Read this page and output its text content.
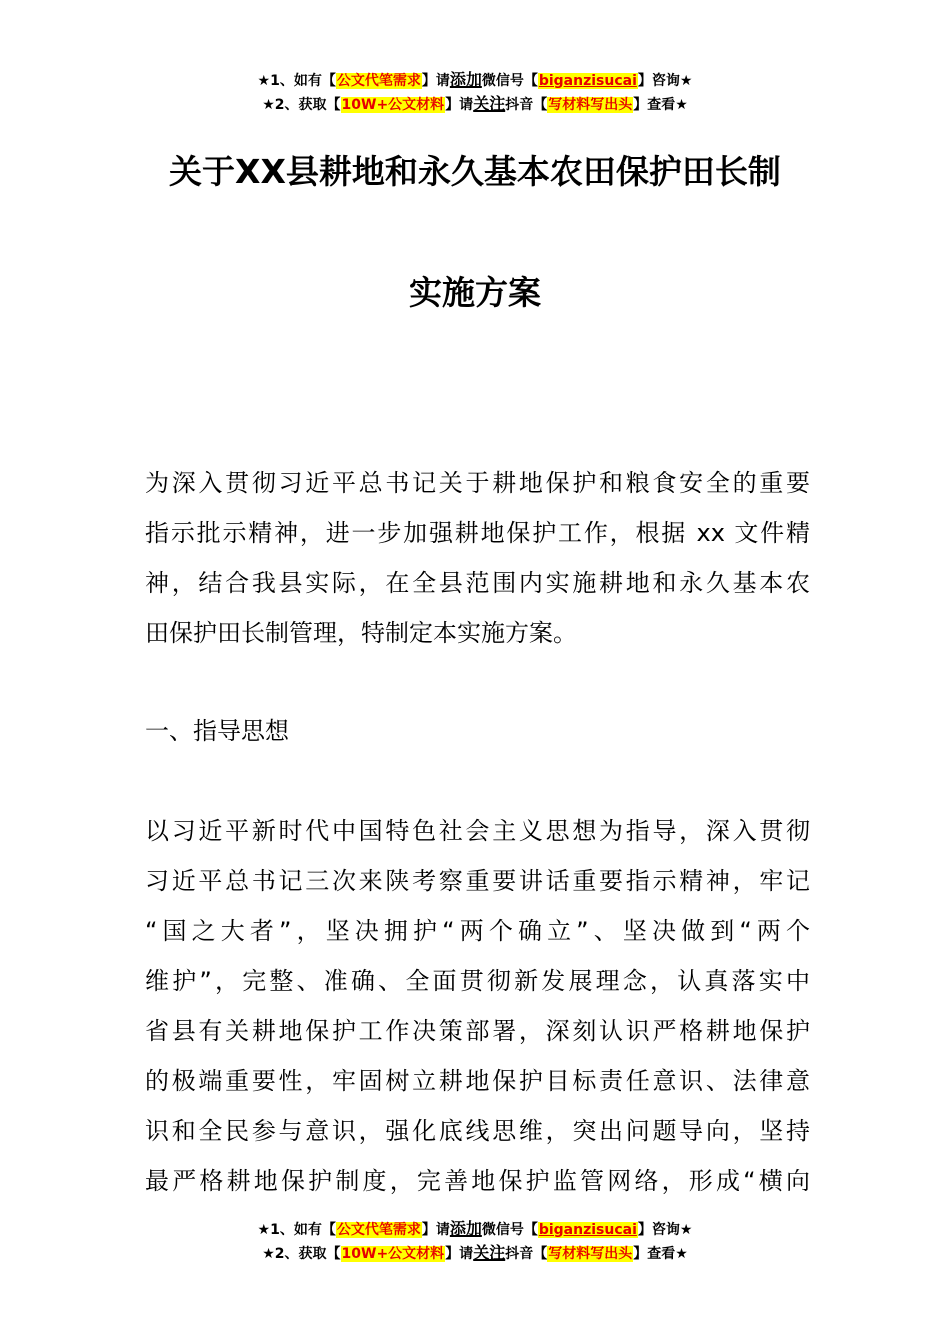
★1、如有【公文代笔需求】请添加微信号【biganzisucai】咨询★
★2、获取【10W+公文材料】请关注抖音【写材料写出头】查看★
关于XX县耕地和永久基本农田保护田长制
实施方案
为深入贯彻习近平总书记关于耕地保护和粮食安全的重要
指示批示精神，进一步加强耕地保护工作，根据 xx 文件精
神，结合我县实际，在全县范围内实施耕地和永久基本农
田保护田长制管理，特制定本实施方案。
一、指导思想
以习近平新时代中国特色社会主义思想为指导，深入贯彻
习近平总书记三次来陕考察重要讲话重要指示精神，牢记
“国之大者”，坚决拥护“两个确立”、坚决做到“两个
维护”，完整、准确、全面贯彻新发展理念，认真落实中
省县有关耕地保护工作决策部署，深刻认识严格耕地保护
的极端重要性，牢固树立耕地保护目标责任意识、法律意
识和全民参与意识，强化底线思维，突出问题导向，坚持
最严格耕地保护制度，完善地保护监管网络，形成“横向
★1、如有【公文代笔需求】请添加微信号【biganzisucai】咨询★
★2、获取【10W+公文材料】请关注抖音【写材料写出头】查看★
